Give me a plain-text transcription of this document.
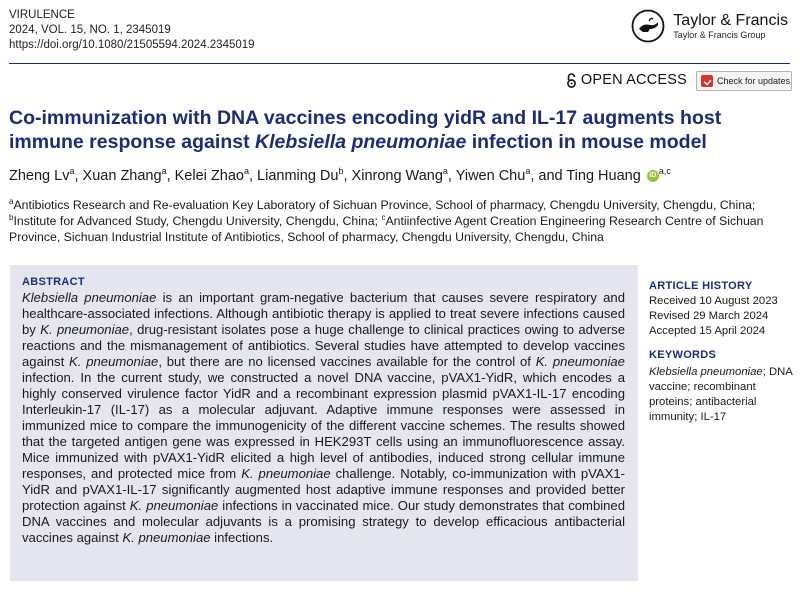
VIRULENCE
2024, VOL. 15, NO. 1, 2345019
https://doi.org/10.1080/21505594.2024.2345019
Taylor & Francis
Taylor & Francis Group
OPEN ACCESS	Check for updates
Co-immunization with DNA vaccines encoding yidR and IL-17 augments host immune response against Klebsiella pneumoniae infection in mouse model
Zheng Lv$^a$, Xuan Zhang$^a$, Kelei Zhao$^a$, Lianming Du$^b$, Xinrong Wang$^a$, Yiwen Chu$^a$, and Ting Huang iD $^{a,c}$
$^a$Antibiotics Research and Re-evaluation Key Laboratory of Sichuan Province, School of pharmacy, Chengdu University, Chengdu, China; $^b$Institute for Advanced Study, Chengdu University, Chengdu, China; $^c$Antiinfective Agent Creation Engineering Research Centre of Sichuan Province, Sichuan Industrial Institute of Antibiotics, School of pharmacy, Chengdu University, Chengdu, China
ABSTRACT
Klebsiella pneumoniae is an important gram-negative bacterium that causes severe respiratory and healthcare-associated infections. Although antibiotic therapy is applied to treat severe infections caused by K. pneumoniae, drug-resistant isolates pose a huge challenge to clinical practices owing to adverse reactions and the mismanagement of antibiotics. Several studies have attempted to develop vaccines against K. pneumoniae, but there are no licensed vaccines available for the control of K. pneumoniae infection. In the current study, we constructed a novel DNA vaccine, pVAX1-YidR, which encodes a highly conserved virulence factor YidR and a recombinant expression plasmid pVAX1-IL-17 encoding Interleukin-17 (IL-17) as a molecular adjuvant. Adaptive immune responses were assessed in immunized mice to compare the immunogenicity of the different vaccine schemes. The results showed that the targeted antigen gene was expressed in HEK293T cells using an immunofluorescence assay. Mice immunized with pVAX1-YidR elicited a high level of antibodies, induced strong cellular immune responses, and protected mice from K. pneumoniae challenge. Notably, co-immunization with pVAX1-YidR and pVAX1-IL-17 significantly augmented host adaptive immune responses and provided better protection against K. pneumoniae infections in vaccinated mice. Our study demonstrates that combined DNA vaccines and molecular adjuvants is a promising strategy to develop efficacious antibacterial vaccines against K. pneumoniae infections.
ARTICLE HISTORY
Received 10 August 2023
Revised 29 March 2024
Accepted 15 April 2024
KEYWORDS
Klebsiella pneumoniae; DNA vaccine; recombinant proteins; antibacterial immunity; IL-17
